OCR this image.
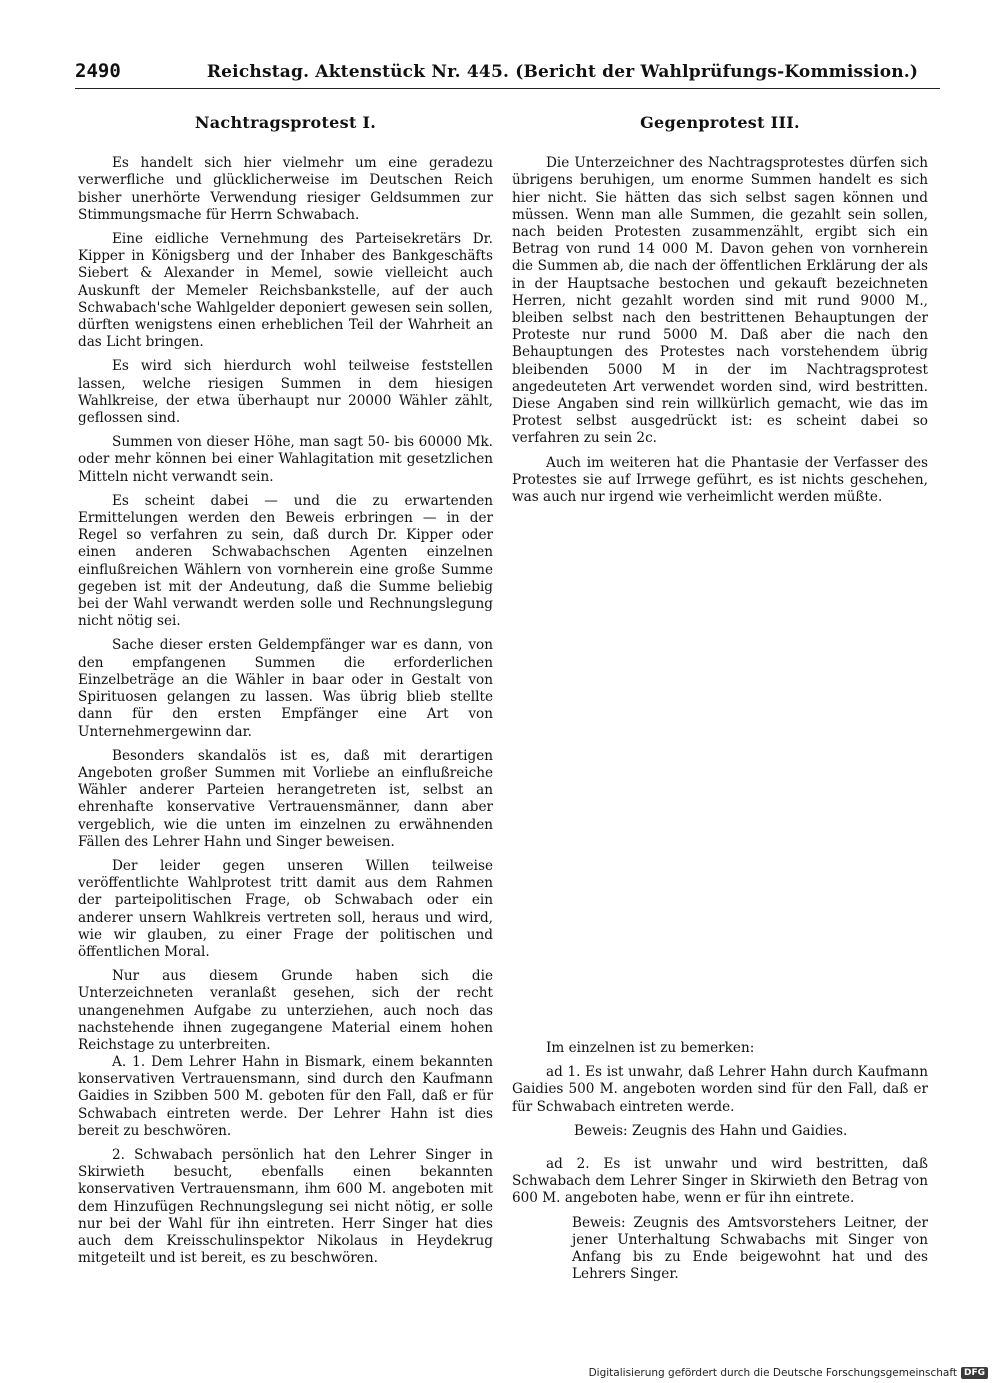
2490	Reichstag. Aktenstück Nr. 445. (Bericht der Wahlprüfungs-Kommission.)
Nachtragsprotest I.

Es handelt sich hier vielmehr um eine geradezu verwerfliche und glücklicherweise im Deutschen Reich bisher unerhörte Verwendung riesiger Geldsummen zur Stimmungsmache für Herrn Schwabach.

Eine eidliche Vernehmung des Parteisekretärs Dr. Kipper in Königsberg und der Inhaber des Bankgeschäfts Siebert & Alexander in Memel, sowie vielleicht auch Auskunft der Memeler Reichsbankstelle, auf der auch Schwabach'sche Wahlgelder deponiert gewesen sein sollen, dürften wenigstens einen erheblichen Teil der Wahrheit an das Licht bringen.

Es wird sich hierdurch wohl teilweise feststellen lassen, welche riesigen Summen in dem hiesigen Wahlkreise, der etwa überhaupt nur 20000 Wähler zählt, geflossen sind.

Summen von dieser Höhe, man sagt 50- bis 60000 Mk. oder mehr können bei einer Wahlagitation mit gesetzlichen Mitteln nicht verwandt sein.

Es scheint dabei — und die zu erwartenden Ermittelungen werden den Beweis erbringen — in der Regel so verfahren zu sein, daß durch Dr. Kipper oder einen anderen Schwabachschen Agenten einzelnen einflußreichen Wählern von vornherein eine große Summe gegeben ist mit der Andeutung, daß die Summe beliebig bei der Wahl verwandt werden solle und Rechnungslegung nicht nötig sei.

Sache dieser ersten Geldempfänger war es dann, von den empfangenen Summen die erforderlichen Einzelbeträge an die Wähler in baar oder in Gestalt von Spirituosen gelangen zu lassen. Was übrig blieb stellte dann für den ersten Empfänger eine Art von Unternehmergewinn dar.

Besonders skandalös ist es, daß mit derartigen Angeboten großer Summen mit Vorliebe an einflußreiche Wähler anderer Parteien herangetreten ist, selbst an ehrenhafte konservative Vertrauensmänner, dann aber vergeblich, wie die unten im einzelnen zu erwähnenden Fällen des Lehrer Hahn und Singer beweisen.

Der leider gegen unseren Willen teilweise veröffentlichte Wahlprotest tritt damit aus dem Rahmen der parteipolitischen Frage, ob Schwabach oder ein anderer unsern Wahlkreis vertreten soll, heraus und wird, wie wir glauben, zu einer Frage der politischen und öffentlichen Moral.

Nur aus diesem Grunde haben sich die Unterzeichneten veranlaßt gesehen, sich der recht unangenehmen Aufgabe zu unterziehen, auch noch das nachstehende ihnen zugegangene Material einem hohen Reichstage zu unterbreiten.

A. 1. Dem Lehrer Hahn in Bismark, einem bekannten konservativen Vertrauensmann, sind durch den Kaufmann Gaidies in Szibben 500 M. geboten für den Fall, daß er für Schwabach eintreten werde. Der Lehrer Hahn ist dies bereit zu beschwören.

2. Schwabach persönlich hat den Lehrer Singer in Skirwieth besucht, ebenfalls einen bekannten konservativen Vertrauensmann, ihm 600 M. angeboten mit dem Hinzufügen Rechnungslegung sei nicht nötig, er solle nur bei der Wahl für ihn eintreten. Herr Singer hat dies auch dem Kreisschulinspektor Nikolaus in Heydekrug mitgeteilt und ist bereit, es zu beschwören.

Gegenprotest III.

Die Unterzeichner des Nachtragsprotestes dürfen sich übrigens beruhigen, um enorme Summen handelt es sich hier nicht. Sie hätten das sich selbst sagen können und müssen. Wenn man alle Summen, die gezahlt sein sollen, nach beiden Protesten zusammenzählt, ergibt sich ein Betrag von rund 14 000 M. Davon gehen von vornherein die Summen ab, die nach der öffentlichen Erklärung der als in der Hauptsache bestochen und gekauft bezeichneten Herren, nicht gezahlt worden sind mit rund 9000 M., bleiben selbst nach den bestrittenen Behauptungen der Proteste nur rund 5000 M. Daß aber die nach den Behauptungen des Protestes nach vorstehendem übrig bleibenden 5000 M in der im Nachtragsprotest angedeuteten Art verwendet worden sind, wird bestritten. Diese Angaben sind rein willkürlich gemacht, wie das im Protest selbst ausgedrückt ist: es scheint dabei so verfahren zu sein 2c.

Auch im weiteren hat die Phantasie der Verfasser des Protestes sie auf Irrwege geführt, es ist nichts geschehen, was auch nur irgend wie verheimlicht werden müßte.

Im einzelnen ist zu bemerken:

ad 1. Es ist unwahr, daß Lehrer Hahn durch Kaufmann Gaidies 500 M. angeboten worden sind für den Fall, daß er für Schwabach eintreten werde.

Beweis: Zeugnis des Hahn und Gaidies.

ad 2. Es ist unwahr und wird bestritten, daß Schwabach dem Lehrer Singer in Skirwieth den Betrag von 600 M. angeboten habe, wenn er für ihn eintrete.

Beweis: Zeugnis des Amtsvorstehers Leitner, der jener Unterhaltung Schwabachs mit Singer von Anfang bis zu Ende beigewohnt hat und des Lehrers Singer.

Digitalisierung gefördert durch die Deutsche Forschungsgemeinschaft DFG
